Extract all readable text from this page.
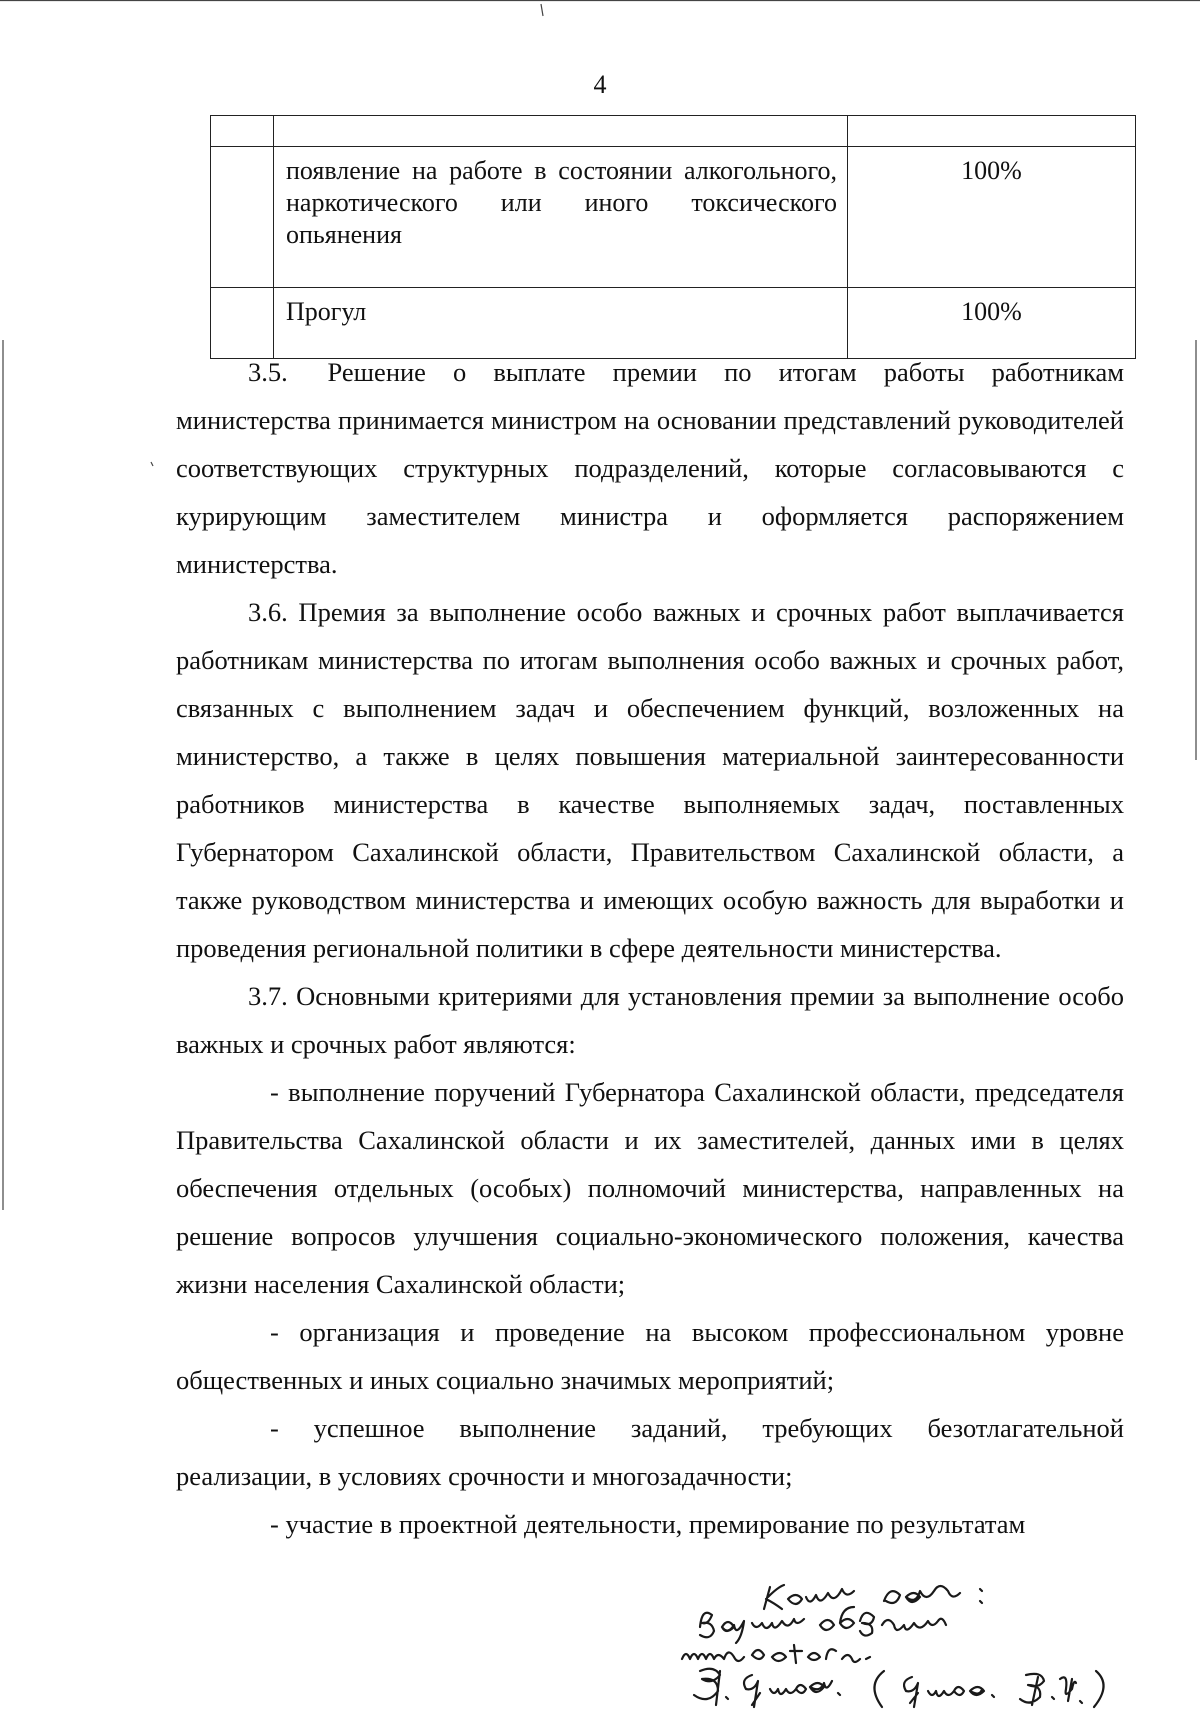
4

	появление на работе в состоянии алкогольного, наркотического или иного токсического опьянения	100%
	Прогул	100%

3.5.  Решение о выплате премии по итогам работы работникам министерства принимается министром на основании представлений руководителей соответствующих структурных подразделений, которые согласовываются с курирующим заместителем министра и оформляется распоряжением министерства.

3.6. Премия за выполнение особо важных и срочных работ выплачивается работникам министерства по итогам выполнения особо важных и срочных работ, связанных с выполнением задач и обеспечением функций, возложенных на министерство, а также в целях повышения материальной заинтересованности работников министерства в качестве выполняемых задач, поставленных Губернатором Сахалинской области, Правительством Сахалинской области, а также руководством министерства и имеющих особую важность для выработки и проведения региональной политики в сфере деятельности министерства.

3.7. Основными критериями для установления премии за выполнение особо важных и срочных работ являются:

- выполнение поручений Губернатора Сахалинской области, председателя Правительства Сахалинской области и их заместителей, данных ими в целях обеспечения отдельных (особых) полномочий министерства, направленных на решение вопросов улучшения социально-экономического положения, качества жизни населения Сахалинской области;

- организация и проведение на высоком профессиональном уровне общественных и иных социально значимых мероприятий;

- успешное выполнение заданий, требующих безотлагательной реализации, в условиях срочности и многозадачности;

- участие в проектной деятельности, премирование по результатам
